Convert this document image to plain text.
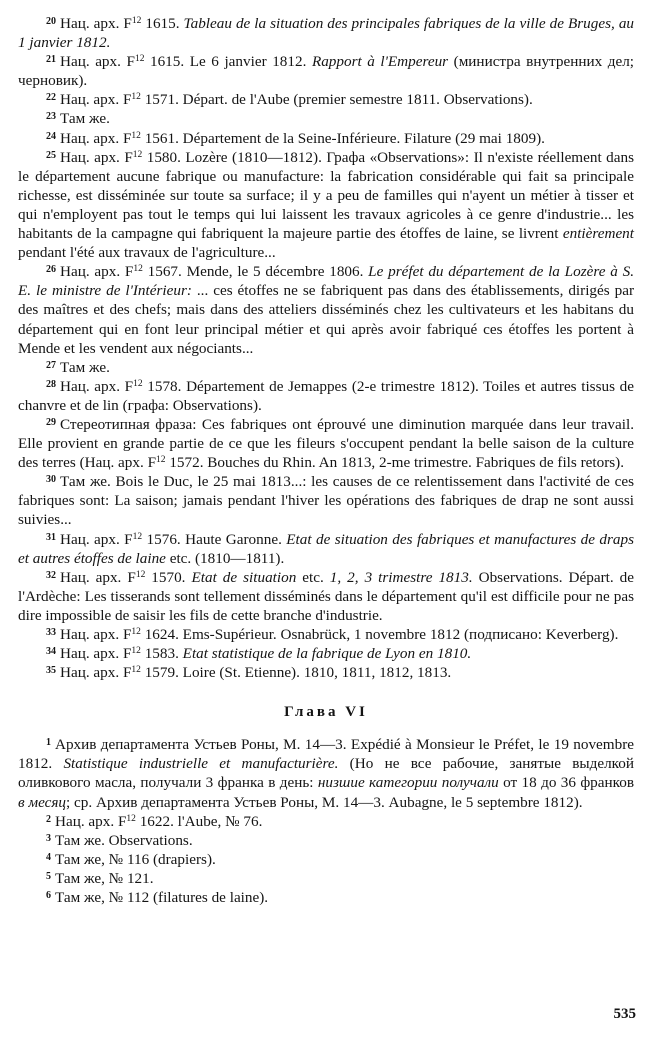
$^{20}$ Нац. арх. $F^{12}$ 1615. Tableau de la situation des principales fabriques de la ville de Bruges, au 1 janvier 1812.

$^{21}$ Нац. арх. $F^{12}$ 1615. Le 6 janvier 1812. Rapport à l'Empereur (министра внутренних дел; черновик).

$^{22}$ Нац. арх. $F^{12}$ 1571. Départ. de l'Aube (premier semestre 1811. Observations).

$^{23}$ Там же.

$^{24}$ Нац. арх. $F^{12}$ 1561. Département de la Seine-Inférieure. Filature (29 mai 1809).

$^{25}$ Нац. арх. $F^{12}$ 1580. Lozère (1810—1812). Графа «Observations»: Il n'existe réellement dans le département aucune fabrique ou manufacture: la fabrication considérable qui fait sa principale richesse, est disséminée sur toute sa surface; il y a peu de familles qui n'ayent un métier à tisser et qui n'employent pas tout le temps qui lui laissent les travaux agricoles à ce genre d'industrie... les habitants de la campagne qui fabriquent la majeure partie des étoffes de laine, se livrent entièrement pendant l'été aux travaux de l'agriculture...

$^{26}$ Нац. арх. $F^{12}$ 1567. Mende, le 5 décembre 1806. Le préfet du département de la Lozère à S. E. le ministre de l'Intérieur: ... ces étoffes ne se fabriquent pas dans des établissements, dirigés par des maîtres et des chefs; mais dans des atteliers disséminés chez les cultivateurs et les habitans du département qui en font leur principal métier et qui après avoir fabriqué ces étoffes les portent à Mende et les vendent aux négociants...

$^{27}$ Там же.

$^{28}$ Нац. арх. $F^{12}$ 1578. Département de Jemappes (2-e trimestre 1812). Toiles et autres tissus de chanvre et de lin (графа: Observations).

$^{29}$ Стереотипная фраза: Ces fabriques ont éprouvé une diminution marquée dans leur travail. Elle provient en grande partie de ce que les fileurs s'occupent pendant la belle saison de la culture des terres (Нац. арх. $F^{12}$ 1572. Bouches du Rhin. An 1813, 2-me trimestre. Fabriques de fils retors).

$^{30}$ Там же. Bois le Duc, le 25 mai 1813...: les causes de ce relentissement dans l'activité de ces fabriques sont: La saison; jamais pendant l'hiver les opérations des fabriques de drap ne sont aussi suivies...

$^{31}$ Нац. арх. $F^{12}$ 1576. Haute Garonne. Etat de situation des fabriques et manufactures de draps et autres étoffes de laine etc. (1810—1811).

$^{32}$ Нац. арх. $F^{12}$ 1570. Etat de situation etc. 1, 2, 3 trimestre 1813. Observations. Départ. de l'Ardèche: Les tisserands sont tellement disséminés dans le département qu'il est difficile pour ne pas dire impossible de saisir les fils de cette branche d'industrie.

$^{33}$ Нац. арх. $F^{12}$ 1624. Ems-Supérieur. Osnabrück, 1 novembre 1812 (подписано: Keverberg).

$^{34}$ Нац. арх. $F^{12}$ 1583. Etat statistique de la fabrique de Lyon en 1810.

$^{35}$ Нац. арх. $F^{12}$ 1579. Loire (St. Etienne). 1810, 1811, 1812, 1813.

Глава VI

$^1$ Архив департамента Устьев Роны, М. 14—3. Expédié à Monsieur le Préfet, le 19 novembre 1812. Statistique industrielle et manufacturière. (Но не все рабочие, занятые выделкой оливкового масла, получали 3 франка в день: низшие категории получали от 18 до 36 франков в месяц; ср. Архив департамента Устьев Роны, М. 14—3. Aubagne, le 5 septembre 1812).

$^2$ Нац. арх. $F^{12}$ 1622. l'Aube, № 76.

$^3$ Там же. Observations.

$^4$ Там же, № 116 (drapiers).

$^5$ Там же, № 121.

$^6$ Там же, № 112 (filatures de laine).

535
